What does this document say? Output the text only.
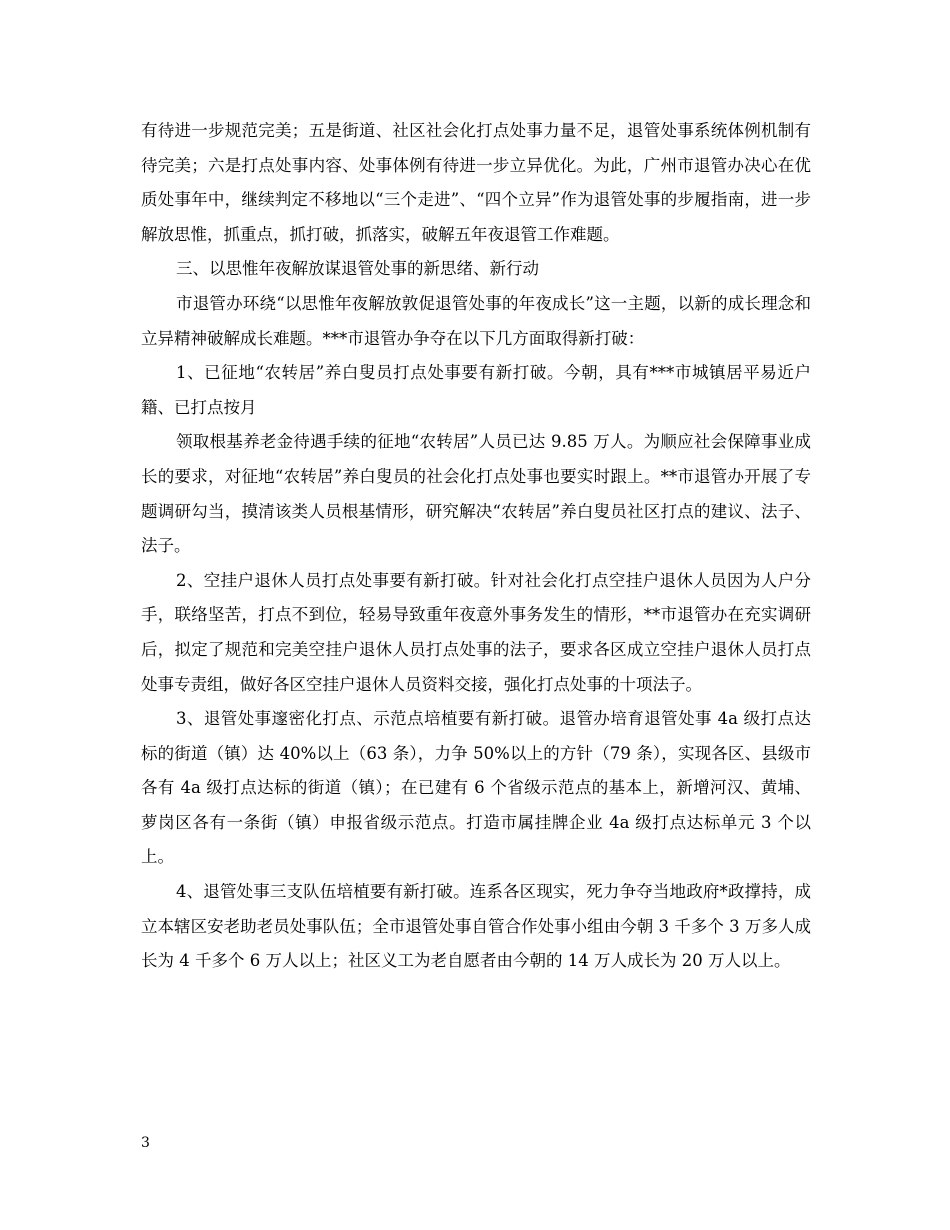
有待进一步规范完美；五是街道、社区社会化打点处事力量不足，退管处事系统体例机制有待完美；六是打点处事内容、处事体例有待进一步立异优化。为此，广州市退管办决心在优质处事年中，继续判定不移地以“三个走进”、“四个立异”作为退管处事的步履指南，进一步解放思惟，抓重点，抓打破，抓落实，破解五年夜退管工作难题。

三、以思惟年夜解放谋退管处事的新思绪、新行动

市退管办环绕“以思惟年夜解放敦促退管处事的年夜成长”这一主题，以新的成长理念和立异精神破解成长难题。***市退管办争夺在以下几方面取得新打破：

1、已征地“农转居”养白叟员打点处事要有新打破。今朝，具有***市城镇居平易近户籍、已打点按月

领取根基养老金待遇手续的征地“农转居”人员已达 9.85 万人。为顺应社会保障事业成长的要求，对征地“农转居”养白叟员的社会化打点处事也要实时跟上。**市退管办开展了专题调研勾当，摸清该类人员根基情形，研究解决“农转居”养白叟员社区打点的建议、法子、法子。

2、空挂户退休人员打点处事要有新打破。针对社会化打点空挂户退休人员因为人户分手，联络坚苦，打点不到位，轻易导致重年夜意外事务发生的情形，**市退管办在充实调研后，拟定了规范和完美空挂户退休人员打点处事的法子，要求各区成立空挂户退休人员打点处事专责组，做好各区空挂户退休人员资料交接，强化打点处事的十项法子。

3、退管处事邃密化打点、示范点培植要有新打破。退管办培育退管处事 4a 级打点达标的街道（镇）达 40%以上（63 条），力争 50%以上的方针（79 条），实现各区、县级市各有 4a 级打点达标的街道（镇）；在已建有 6 个省级示范点的基本上，新增河汉、黄埔、萝岗区各有一条街（镇）申报省级示范点。打造市属挂牌企业 4a 级打点达标单元 3 个以上。

4、退管处事三支队伍培植要有新打破。连系各区现实，死力争夺当地政府*政撑持，成立本辖区安老助老员处事队伍；全市退管处事自管合作处事小组由今朝 3 千多个 3 万多人成长为 4 千多个 6 万人以上；社区义工为老自愿者由今朝的 14 万人成长为 20 万人以上。

3
